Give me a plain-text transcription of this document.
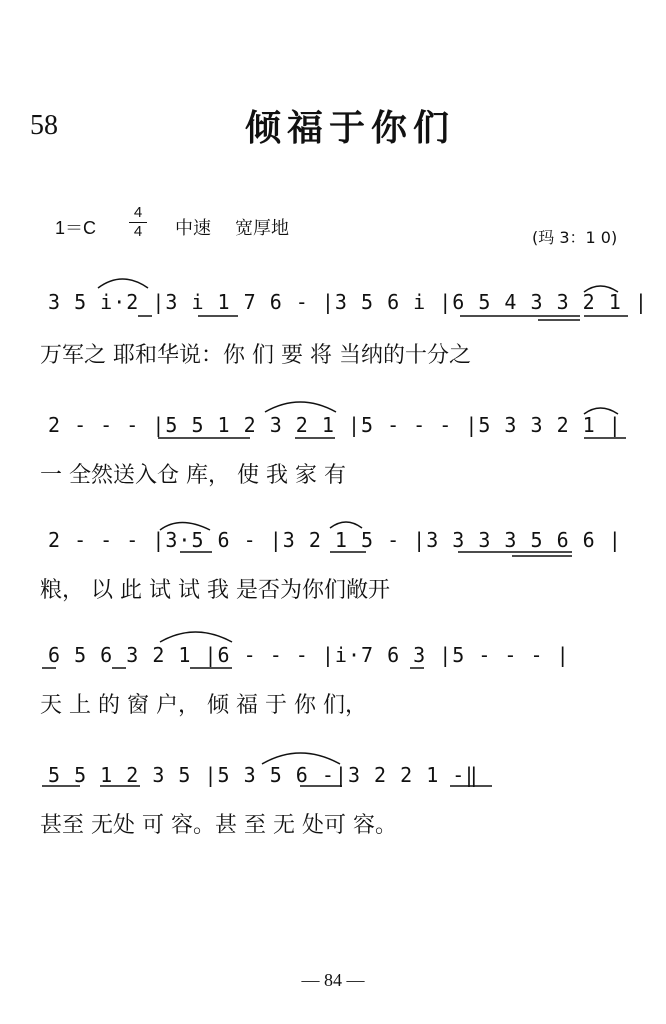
58	倾福于你们
$1=C \frac{4}{4}$ 中速 宽厚地	(玛 3：1 0)
3 5 i·2 |3 i 1 7 6 - |3 5 6 i |6 5 4 3 3 2 1 |
万军之 耶和华说：你 们 要 将 当纳的十分之
2 - - - |5 5 1 2 3 2 1 |5 - - - |5 3 3 2 1 |
一 全然送入仓 库， 使 我 家 有
2 - - - |3·5 6 - |3 2 1 5 - |3 3 3 3 5 6 6 |
粮， 以 此 试 试 我 是否为你们敞开
6 5 6 3 2 1 |6 - - - |i·7 6 3 |5 - - - |
天 上 的 窗 户， 倾 福 于 你 们，
5 5 1 2 3 5 |5 3 5 6 -|3 2 2 1 -‖
甚至 无处 可 容。甚 至 无 处可 容。
— 84 —
